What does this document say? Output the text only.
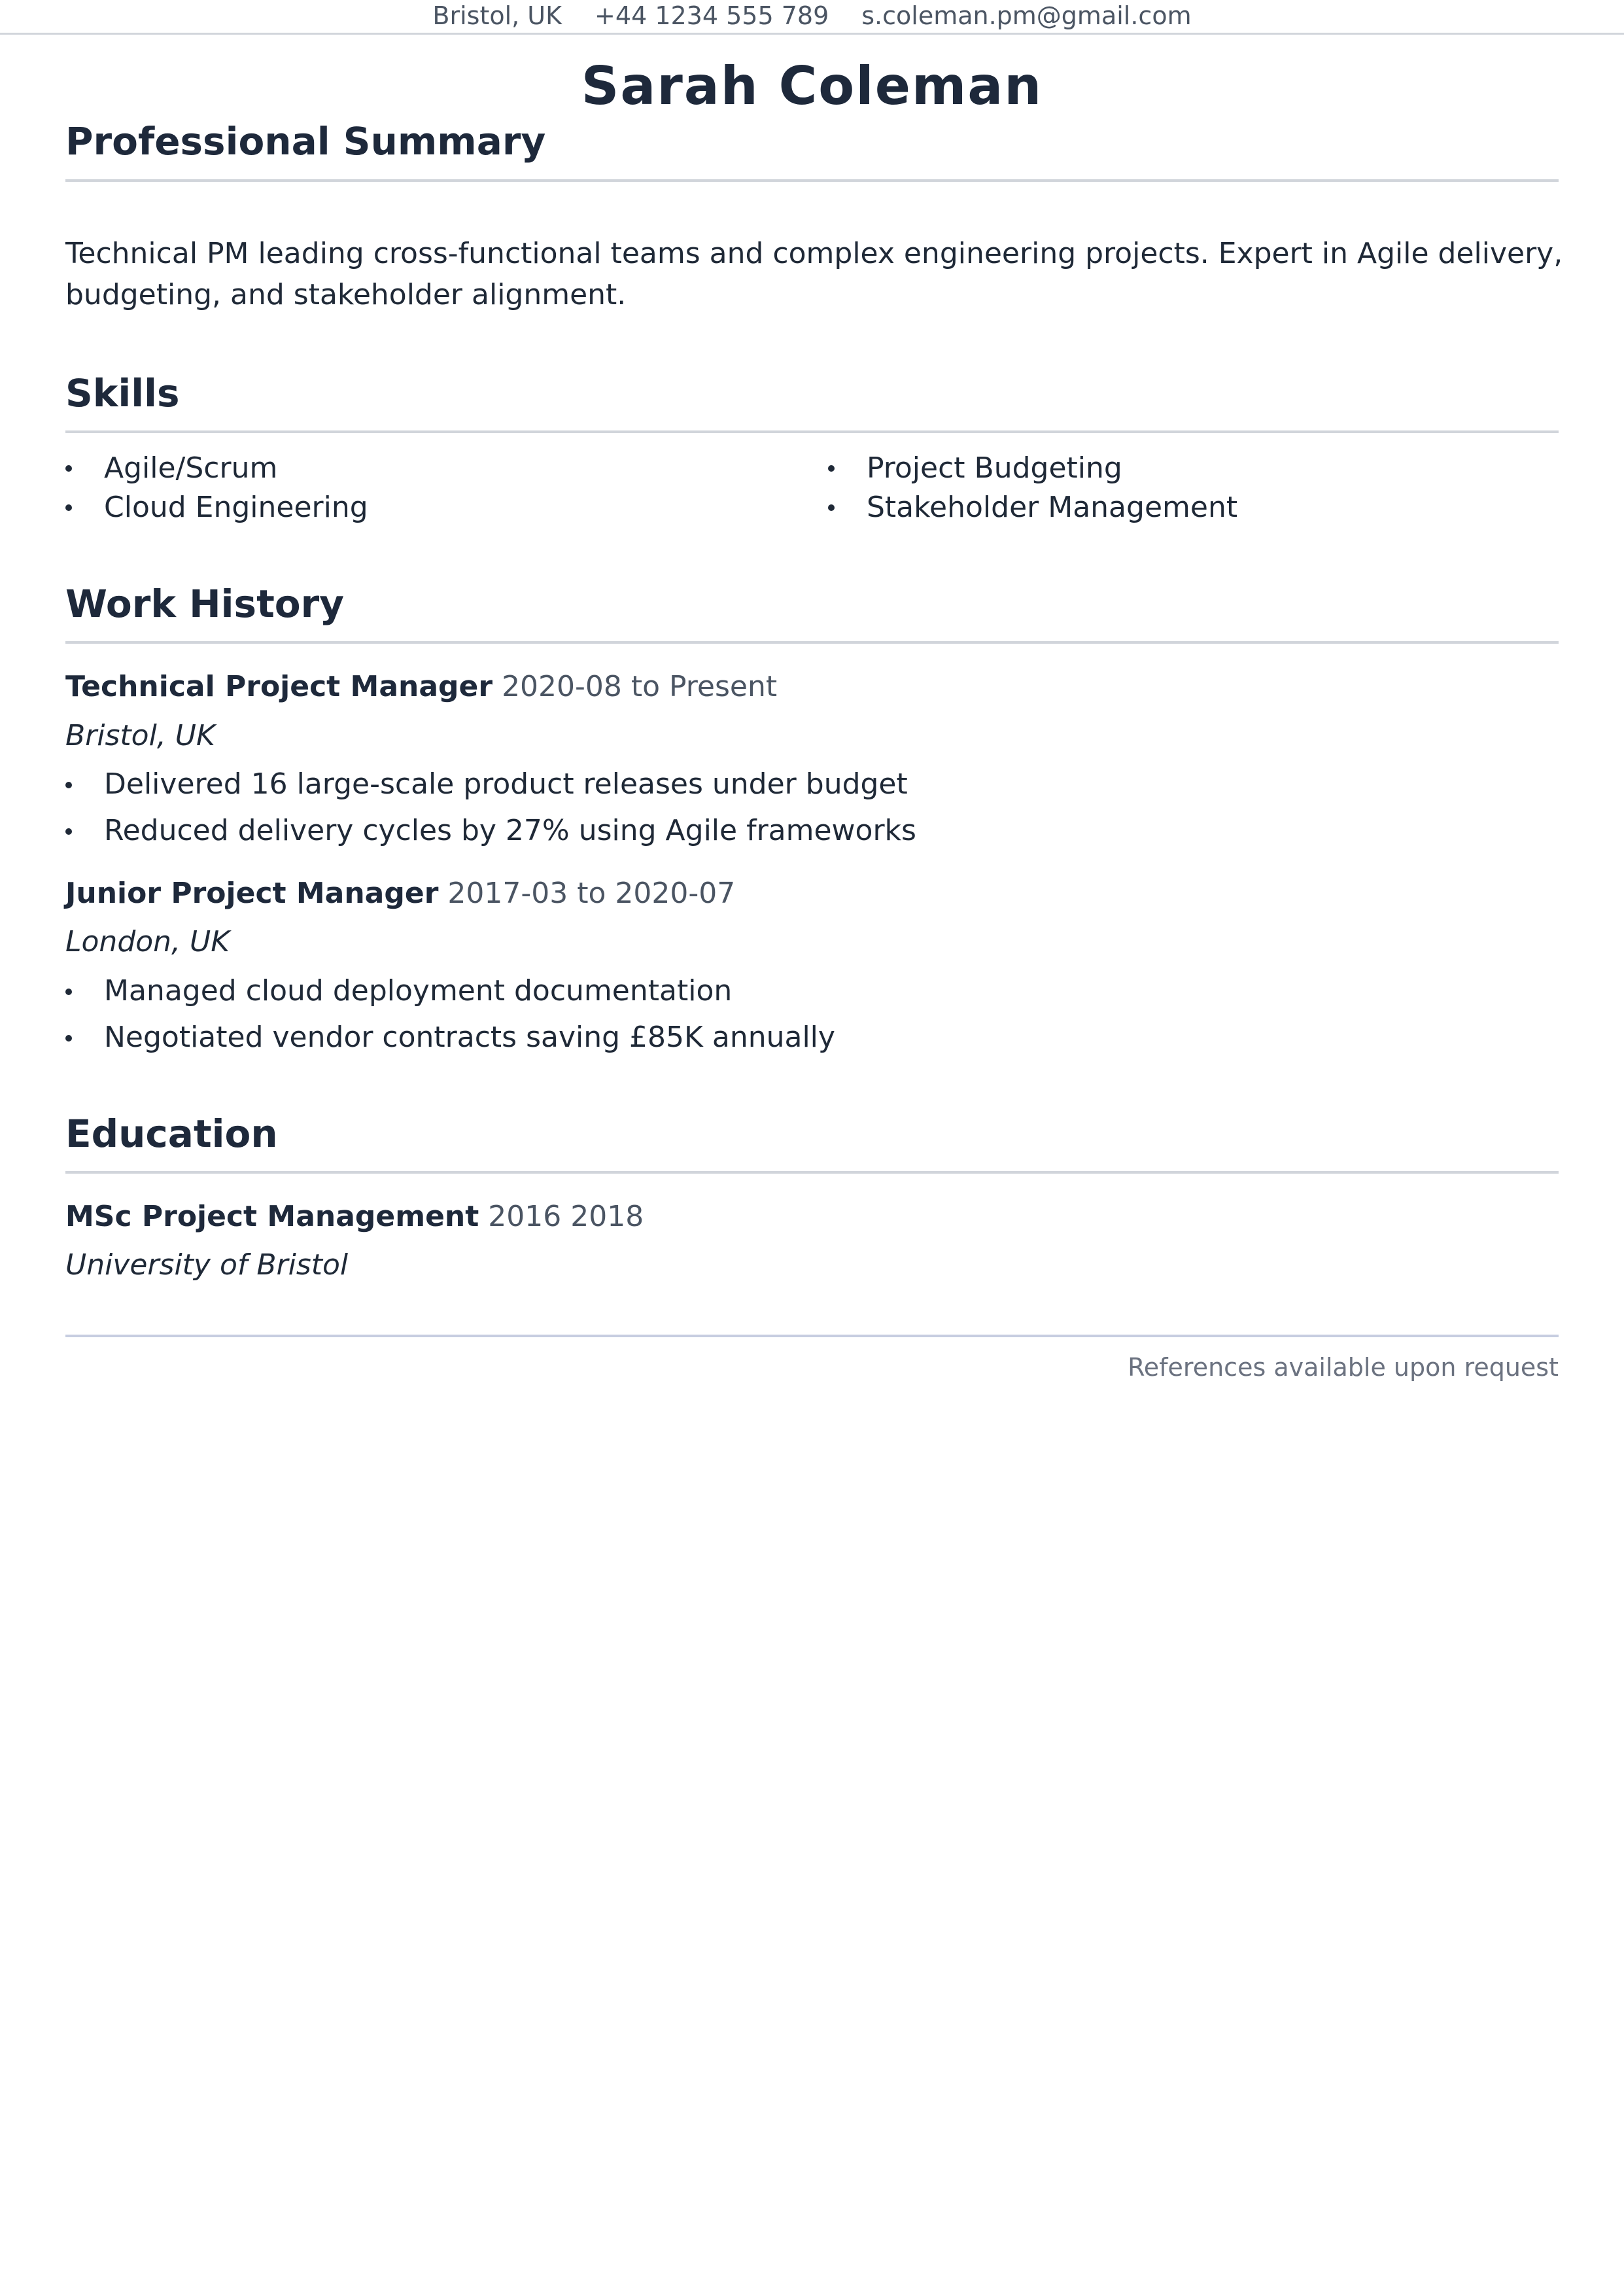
Bristol, UK +44 1234 555 789 s.coleman.pm@gmail.com
Sarah Coleman
Professional Summary
Technical PM leading cross-functional teams and complex engineering projects. Expert in Agile delivery, budgeting, and stakeholder alignment.
Skills
Agile/Scrum
Cloud Engineering
Project Budgeting
Stakeholder Management
Work History
Technical Project Manager 2020-08 to Present
Bristol, UK
Delivered 16 large-scale product releases under budget
Reduced delivery cycles by 27% using Agile frameworks
Junior Project Manager 2017-03 to 2020-07
London, UK
Managed cloud deployment documentation
Negotiated vendor contracts saving £85K annually
Education
MSc Project Management 2016 2018
University of Bristol
References available upon request
